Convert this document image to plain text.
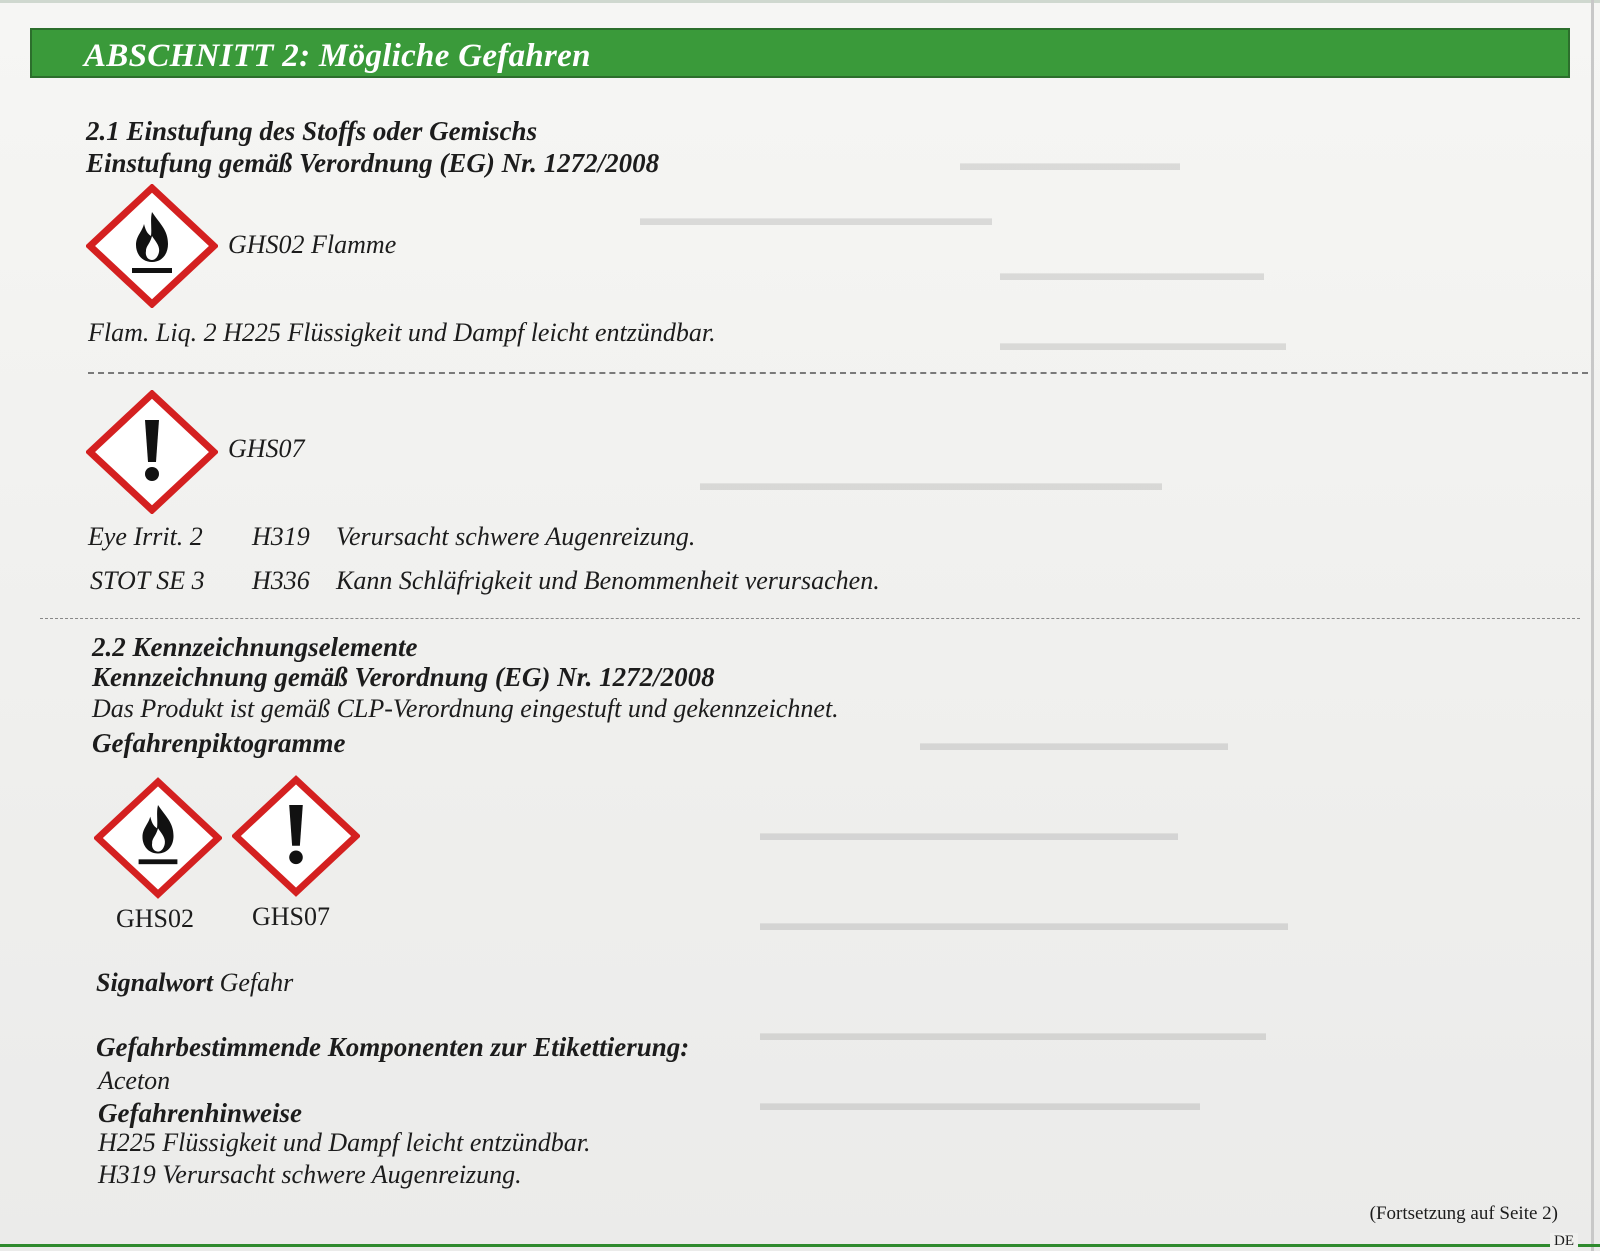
▬▬▬▬▬▬▬▬▬▬
▬▬▬▬▬▬▬▬▬▬▬▬▬▬▬▬
▬▬▬▬▬▬▬▬▬▬▬▬
▬▬▬▬▬▬▬▬▬▬▬▬▬
▬▬▬▬▬▬▬▬▬▬▬▬▬▬▬▬▬▬▬▬▬
▬▬▬▬▬▬▬▬▬▬▬▬▬▬
▬▬▬▬▬▬▬▬▬▬▬▬▬▬▬▬▬▬▬
▬▬▬▬▬▬▬▬▬▬▬▬▬▬▬▬▬▬▬▬▬▬▬▬
▬▬▬▬▬▬▬▬▬▬▬▬▬▬▬▬▬▬▬▬▬▬▬
▬▬▬▬▬▬▬▬▬▬▬▬▬▬▬▬▬▬▬▬
ABSCHNITT 2: Mögliche Gefahren
2.1 Einstufung des Stoffs oder Gemischs
Einstufung gemäß Verordnung (EG) Nr. 1272/2008
GHS02 Flamme
Flam. Liq. 2 H225 Flüssigkeit und Dampf leicht entzündbar.
GHS07
Eye Irrit. 2 H319 Verursacht schwere Augenreizung.
STOT SE 3 H336 Kann Schläfrigkeit und Benommenheit verursachen.
2.2 Kennzeichnungselemente
Kennzeichnung gemäß Verordnung (EG) Nr. 1272/2008
Das Produkt ist gemäß CLP-Verordnung eingestuft und gekennzeichnet.
Gefahrenpiktogramme
GHS02 GHS07
Signalwort Gefahr
Gefahrbestimmende Komponenten zur Etikettierung:
Aceton
Gefahrenhinweise
H225 Flüssigkeit und Dampf leicht entzündbar.
H319 Verursacht schwere Augenreizung.
(Fortsetzung auf Seite 2)
DE
